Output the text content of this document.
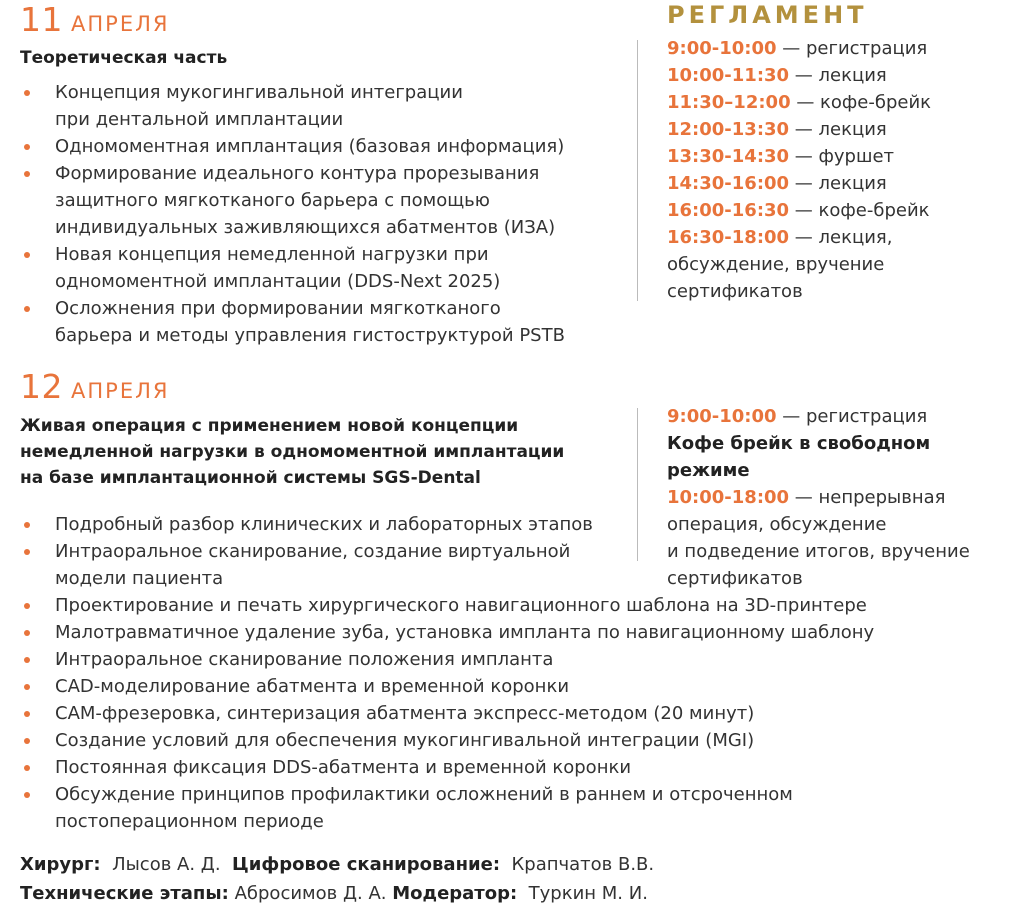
11 АПРЕЛЯ
Теоретическая часть
Концепция мукогингивальной интеграции
при дентальной имплантации
Одномоментная имплантация (базовая информация)
Формирование идеального контура прорезывания
защитного мягкотканого барьера с помощью
индивидуальных заживляющихся абатментов (ИЗА)
Новая концепция немедленной нагрузки при
одномоментной имплантации (DDS-Next 2025)
Осложнения при формировании мягкотканого
барьера и методы управления гистоструктурой PSTB
РЕГЛАМЕНТ
9:00-10:00 — регистрация
10:00-11:30 — лекция
11:30–12:00 — кофе-брейк
12:00-13:30 — лекция
13:30-14:30 — фуршет
14:30-16:00 — лекция
16:00-16:30 — кофе-брейк
16:30-18:00 — лекция,
обсуждение, вручение
сертификатов
12 АПРЕЛЯ
Живая операция с применением новой концепции
немедленной нагрузки в одномоментной имплантации
на базе имплантационной системы SGS-Dental
Подробный разбор клинических и лабораторных этапов
Интраоральное сканирование, создание виртуальной
модели пациента
Проектирование и печать хирургического навигационного шаблона на 3D-принтере
Малотравматичное удаление зуба, установка импланта по навигационному шаблону
Интраоральное сканирование положения импланта
CAD-моделирование абатмента и временной коронки
CAM-фрезеровка, синтеризация абатмента экспресс-методом (20 минут)
Создание условий для обеспечения мукогингивальной интеграции (MGI)
Постоянная фиксация DDS-абатмента и временной коронки
Обсуждение принципов профилактики осложнений в раннем и отсроченном
постоперационном периоде
9:00-10:00 — регистрация
Кофе брейк в свободном режиме
10:00-18:00 — непрерывная
операция, обсуждение
и подведение итогов, вручение
сертификатов
Хирург: Лысов А. Д. Цифровое сканирование: Крапчатов В.В.
Технические этапы: Абросимов Д. А. Модератор: Туркин М. И.
